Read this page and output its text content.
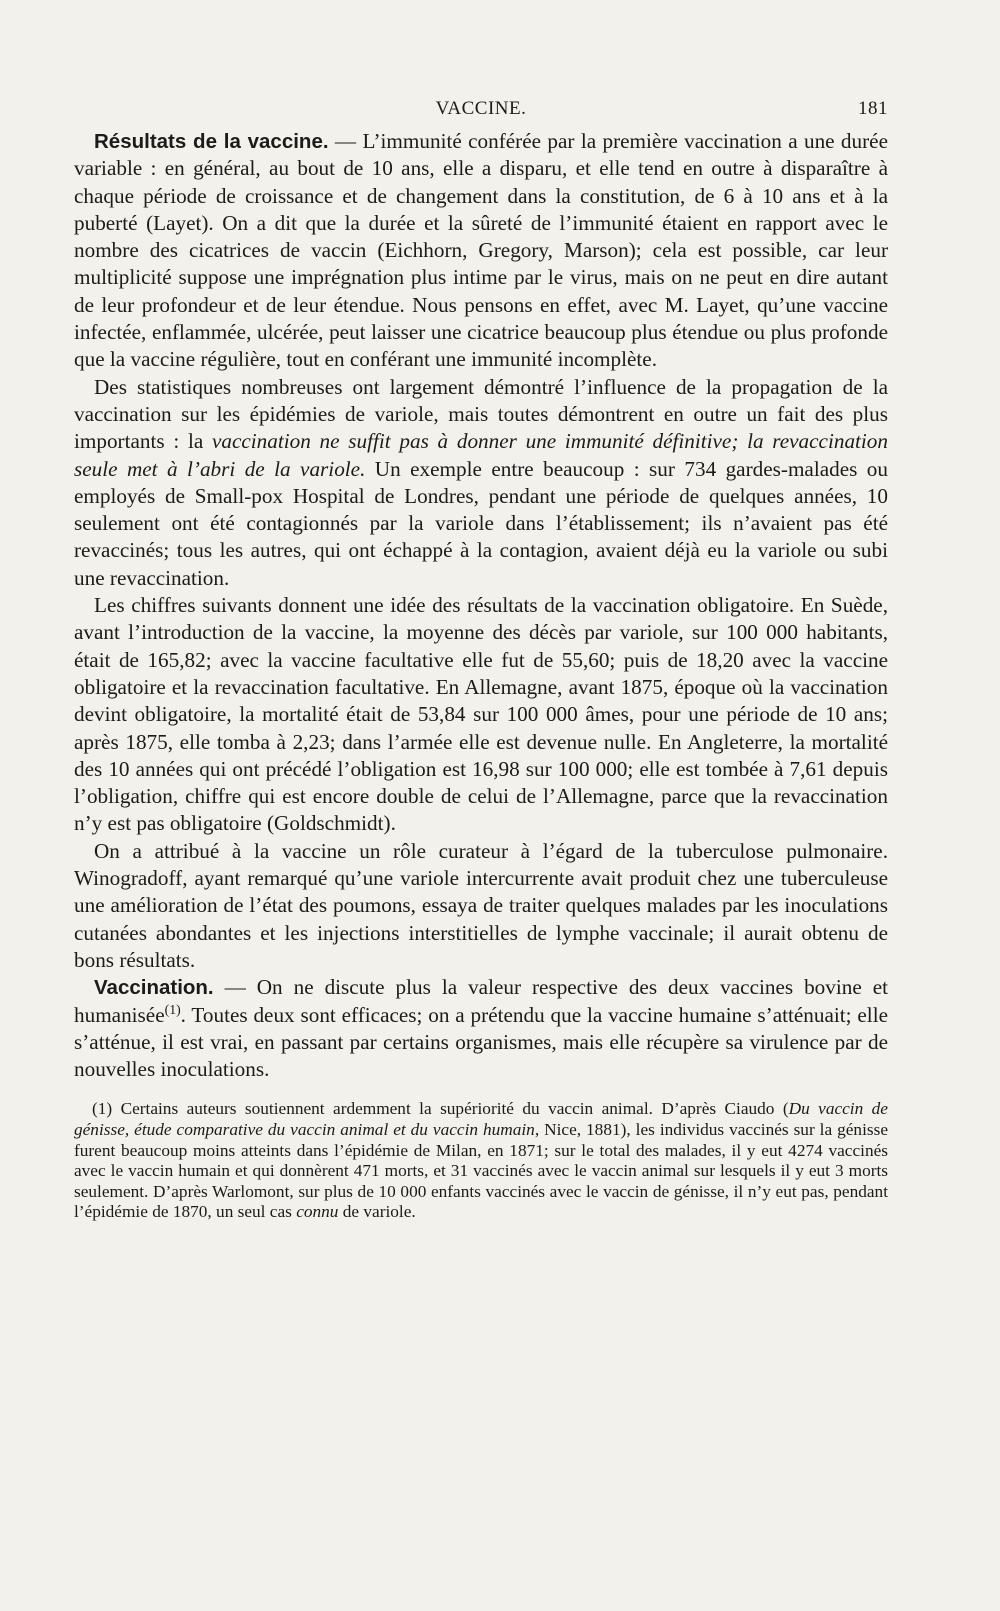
VACCINE.	181

Résultats de la vaccine. — L’immunité conférée par la première vaccination a une durée variable : en général, au bout de 10 ans, elle a disparu, et elle tend en outre à disparaître à chaque période de croissance et de changement dans la constitution, de 6 à 10 ans et à la puberté (Layet). On a dit que la durée et la sûreté de l’immunité étaient en rapport avec le nombre des cicatrices de vaccin (Eichhorn, Gregory, Marson); cela est possible, car leur multiplicité suppose une imprégnation plus intime par le virus, mais on ne peut en dire autant de leur profondeur et de leur étendue. Nous pensons en effet, avec M. Layet, qu’une vaccine infectée, enflammée, ulcérée, peut laisser une cicatrice beaucoup plus étendue ou plus profonde que la vaccine régulière, tout en conférant une immunité incomplète.

Des statistiques nombreuses ont largement démontré l’influence de la propagation de la vaccination sur les épidémies de variole, mais toutes démontrent en outre un fait des plus importants : la vaccination ne suffit pas à donner une immunité définitive; la revaccination seule met à l’abri de la variole. Un exemple entre beaucoup : sur 734 gardes-malades ou employés de Small-pox Hospital de Londres, pendant une période de quelques années, 10 seulement ont été contagionnés par la variole dans l’établissement; ils n’avaient pas été revaccinés; tous les autres, qui ont échappé à la contagion, avaient déjà eu la variole ou subi une revaccination.

Les chiffres suivants donnent une idée des résultats de la vaccination obligatoire. En Suède, avant l’introduction de la vaccine, la moyenne des décès par variole, sur 100 000 habitants, était de 165,82; avec la vaccine facultative elle fut de 55,60; puis de 18,20 avec la vaccine obligatoire et la revaccination facultative. En Allemagne, avant 1875, époque où la vaccination devint obligatoire, la mortalité était de 53,84 sur 100 000 âmes, pour une période de 10 ans; après 1875, elle tomba à 2,23; dans l’armée elle est devenue nulle. En Angleterre, la mortalité des 10 années qui ont précédé l’obligation est 16,98 sur 100 000; elle est tombée à 7,61 depuis l’obligation, chiffre qui est encore double de celui de l’Allemagne, parce que la revaccination n’y est pas obligatoire (Goldschmidt).

On a attribué à la vaccine un rôle curateur à l’égard de la tuberculose pulmonaire. Winogradoff, ayant remarqué qu’une variole intercurrente avait produit chez une tuberculeuse une amélioration de l’état des poumons, essaya de traiter quelques malades par les inoculations cutanées abondantes et les injections interstitielles de lymphe vaccinale; il aurait obtenu de bons résultats.

Vaccination. — On ne discute plus la valeur respective des deux vaccines bovine et humanisée$^{(1)}$. Toutes deux sont efficaces; on a prétendu que la vaccine humaine s’atténuait; elle s’atténue, il est vrai, en passant par certains organismes, mais elle récupère sa virulence par de nouvelles inoculations.

(1) Certains auteurs soutiennent ardemment la supériorité du vaccin animal. D’après Ciaudo (Du vaccin de génisse, étude comparative du vaccin animal et du vaccin humain, Nice, 1881), les individus vaccinés sur la génisse furent beaucoup moins atteints dans l’épidémie de Milan, en 1871; sur le total des malades, il y eut 4274 vaccinés avec le vaccin humain et qui donnèrent 471 morts, et 31 vaccinés avec le vaccin animal sur lesquels il y eut 3 morts seulement. D’après Warlomont, sur plus de 10 000 enfants vaccinés avec le vaccin de génisse, il n’y eut pas, pendant l’épidémie de 1870, un seul cas connu de variole.
